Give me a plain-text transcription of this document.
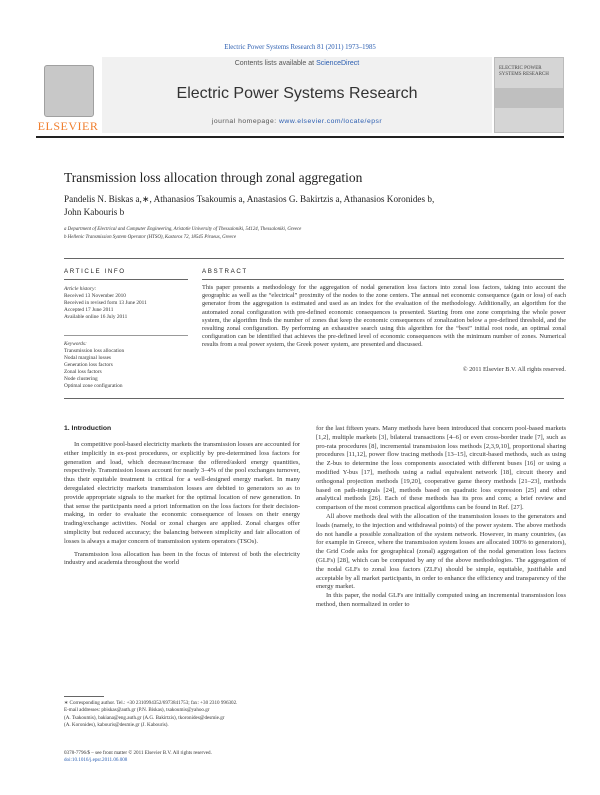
Electric Power Systems Research 81 (2011) 1973–1985
ELSEVIER
Contents lists available at ScienceDirect
Electric Power Systems Research
journal homepage: www.elsevier.com/locate/epsr
ELECTRIC POWER SYSTEMS RESEARCH
Transmission loss allocation through zonal aggregation
Pandelis N. Biskas a,∗, Athanasios Tsakoumis a, Anastasios G. Bakirtzis a, Athanasios Koronides b,
John Kabouris b
a Department of Electrical and Computer Engineering, Aristotle University of Thessaloniki, 54124, Thessaloniki, Greece
b Hellenic Transmission System Operator (HTSO), Kastoros 72, 18545 Piraeus, Greece
ARTICLE INFO	ABSTRACT
Article history:
Received 13 November 2010
Received in revised form 13 June 2011
Accepted 17 June 2011
Available online 16 July 2011
Keywords:
Transmission loss allocation
Nodal marginal losses
Generation loss factors
Zonal loss factors
Node clustering
Optimal zone configuration
This paper presents a methodology for the aggregation of nodal generation loss factors into zonal loss factors, taking into account the geographic as well as the “electrical” proximity of the nodes to the zone centers. The annual net economic consequence (gain or loss) of each generator from the aggregation is estimated and used as an index for the evaluation of the methodology. Additionally, an algorithm for the automated zonal configuration with pre-defined economic consequences is presented. Starting from one zone comprising the whole power system, the algorithm finds the number of zones that keep the economic consequences of zonalization below a pre-defined threshold, and the resulting zonal configuration. By performing an exhaustive search using this algorithm for the “best” initial root node, an optimal zonal configuration can be identified that achieves the pre-defined level of economic consequences with the minimum number of zones. Numerical results from a real power system, the Greek power system, are presented and discussed.
© 2011 Elsevier B.V. All rights reserved.
1. Introduction

In competitive pool-based electricity markets the transmission losses are accounted for either implicitly in ex-post procedures, or explicitly by pre-determined loss factors for generation and load, which decrease/increase the offered/asked energy quantities, respectively. Transmission losses account for nearly 3–4% of the pool exchanges turnover, thus their equitable treatment is critical for a well-designed energy market. In many deregulated electricity markets transmission losses are debited to generators so as to provide appropriate signals to the market for the optimal location of new generation. In that sense the participants need a priori information on the loss factors for their decision-making, in order to evaluate the economic consequence of losses on their energy trading/exchange activities. Nodal or zonal charges are applied. Zonal charges offer simplicity but reduced accuracy; the balancing between simplicity and fair allocation of losses is always a major concern of transmission system operators (TSOs).

Transmission loss allocation has been in the focus of interest of both the electricity industry and academia throughout the world

for the last fifteen years. Many methods have been introduced that concern pool-based markets [1,2], multiple markets [3], bilateral transactions [4–6] or even cross-border trade [7], such as pro-rata procedures [8], incremental transmission loss methods [2,3,9,10], proportional sharing procedures [11,12], power flow tracing methods [13–15], circuit-based methods, such as using the Z-bus to determine the loss components associated with different buses [16] or using a modified Y-bus [17], methods using a radial equivalent network [18], circuit theory and orthogonal projection methods [19,20], cooperative game theory methods [21–23], methods based on path-integrals [24], methods based on quadratic loss expression [25] and other analytical methods [26]. Each of these methods has its pros and cons; a brief review and comparison of the most common practical algorithms can be found in Ref. [27].

All above methods deal with the allocation of the transmission losses to the generators and loads (namely, to the injection and withdrawal points) of the power system. The above methods do not handle a possible zonalization of the system network. However, in many countries, (as for example in Greece, where the transmission system losses are allocated 100% to generators), the Grid Code asks for geographical (zonal) aggregation of the nodal generation loss factors (GLFs) [28], which can be computed by any of the above methodologies. The aggregation of the nodal GLFs to zonal loss factors (ZLFs) should be simple, equitable, justifiable and acceptable by all market participants, in order to enhance the efficiency and transparency of the energy market.

In this paper, the nodal GLFs are initially computed using an incremental transmission loss method, then normalized in order to

∗ Corresponding author. Tel.: +30 2310994352/6973841753; fax: +30 2310 996302.

E-mail addresses: pbiskas@auth.gr (P.N. Biskas), tsakoumis@yahoo.gr

(A. Tsakoumis), bakiana@eng.auth.gr (A.G. Bakirtzis), tkoronides@desmie.gr

(A. Koronides), kabouris@desmie.gr (J. Kabouris).

0378-7796/$ – see front matter © 2011 Elsevier B.V. All rights reserved.
doi:10.1016/j.epsr.2011.06.008
